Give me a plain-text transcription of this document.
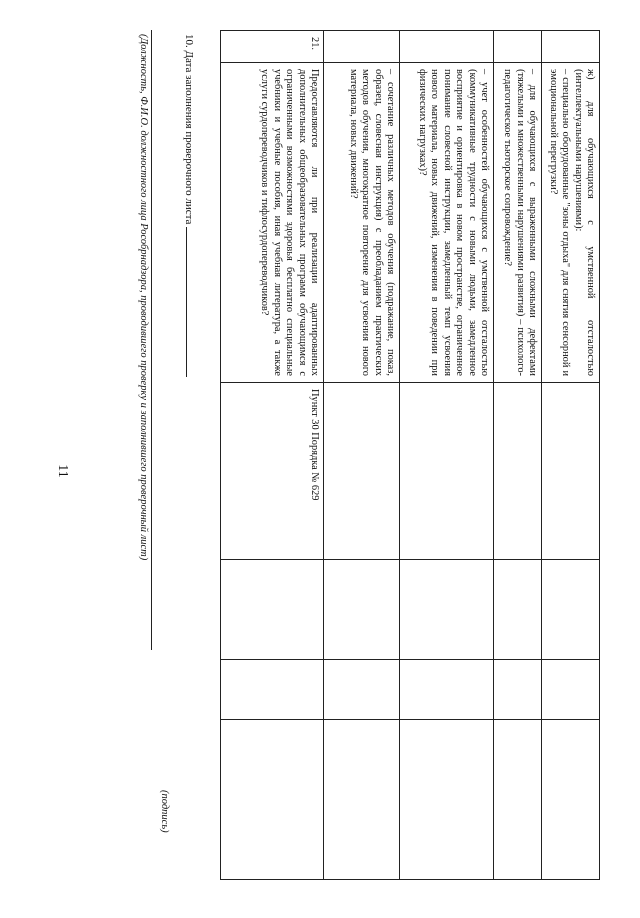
11
ж) для обучающихся с умственной отсталостью (интеллектуальными нарушениями):
– специально оборудованные "зоны отдыха" для снятия сенсорной и эмоциональной перегрузки?
– для обучающихся с выраженными сложными дефектами (тяжелыми и множественными нарушениями развития) – психолого-педагогическое тьюторское сопровождение?
– учет особенностей обучающихся с умственной отсталостью (коммуникативные трудности с новыми людьми, замедленное восприятие и ориентировка в новом пространстве, ограниченное понимание словесной инструкции, замедленный темп усвоения нового материала, новых движений, изменения в поведении при физических нагрузках)?
– сочетание различных методов обучения (подражание, показ, образец, словесная инструкция) с преобладанием практических методов обучения, многократное повторение для усвоения нового материала, новых движений?
21.
Предоставляются ли при реализации адаптированных дополнительных общеобразовательных программ обучающимся с ограниченными возможностями здоровья бесплатно специальные учебники и учебные пособия, иная учебная литература, а также услуги сурдопереводчиков и тифлосурдопереводчиков?
Пункт 30 Порядка № 629
10. Дата заполнения проверочного листа
(Должность, Ф.И.О. должностного лица Рособрнадзора, проводившего проверку и заполнившего проверочный лист)
(подпись)
